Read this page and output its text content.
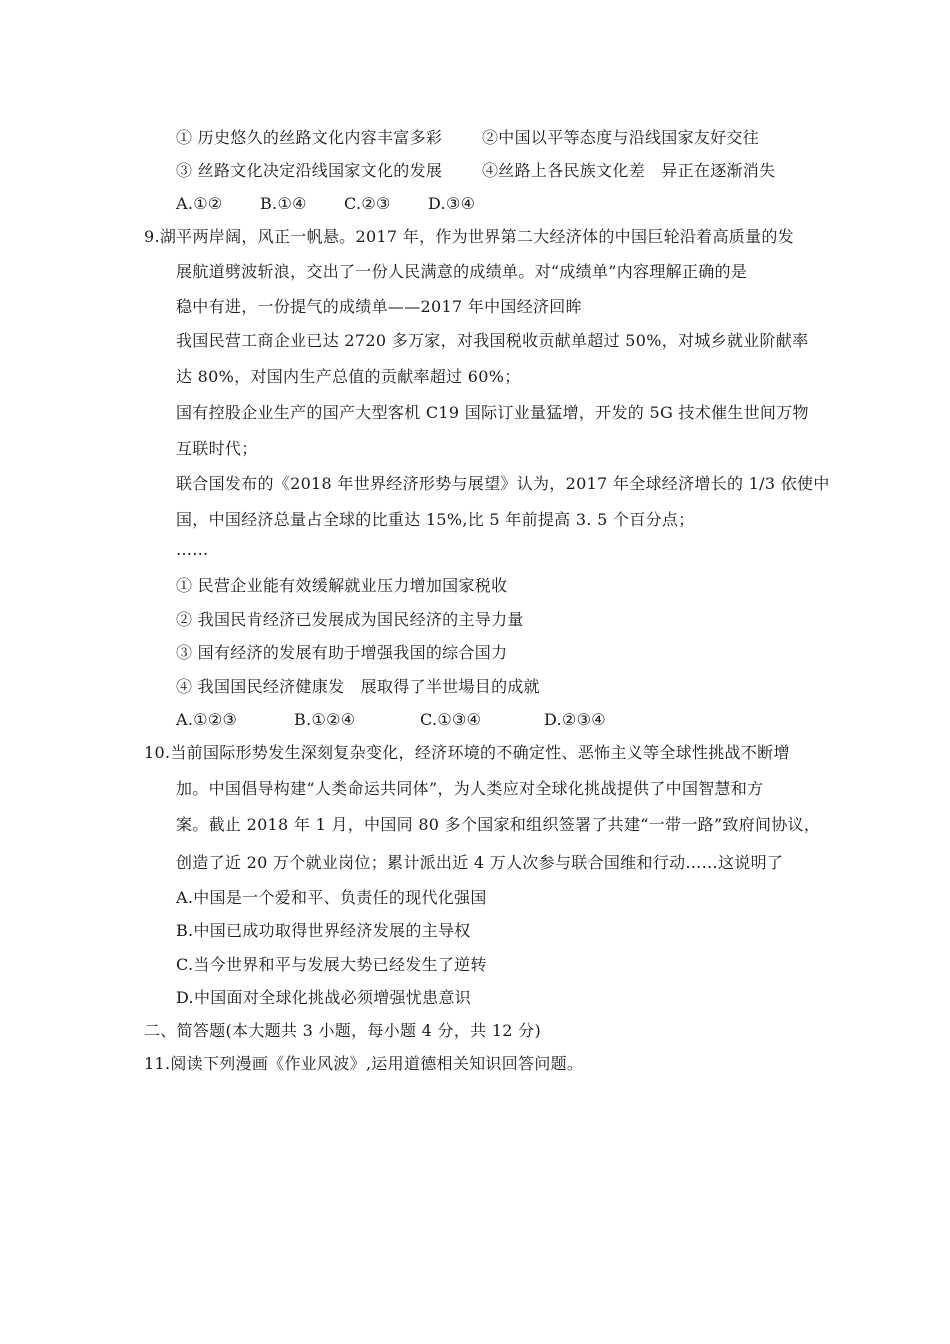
① 历史悠久的丝路文化内容丰富多彩 ②中国以平等态度与沿线国家友好交往
③ 丝路文化决定沿线国家文化的发展 ④丝路上各民族文化差　异正在逐渐消失
A.①② B.①④ C.②③ D.③④
9.湖平两岸阔，风正一帆悬。2017 年，作为世界第二大经济体的中国巨轮沿着高质量的发
展航道劈波斩浪，交出了一份人民满意的成绩单。对“成绩单”内容理解正确的是
稳中有进，一份提气的成绩单——2017 年中国经济回眸
我国民营工商企业已达 2720 多万家，对我国税收贡献单超过 50%，对城乡就业阶献率
达 80%，对国内生产总值的贡献率超过 60%；
国有控股企业生产的国产大型客机 C19 国际订业量猛增，开发的 5G 技术催生世间万物
互联时代；
联合国发布的《2018 年世界经济形势与展望》认为，2017 年全球经济增长的 1/3 依使中
国，中国经济总量占全球的比重达 15%,比 5 年前提高 3. 5 个百分点；
……
① 民营企业能有效缓解就业压力增加国家税收
② 我国民肯经济已发展成为国民经济的主导力量
③ 国有经济的发展有助于增强我国的综合国力
④ 我国国民经济健康发　展取得了半世場目的成就
A.①②③	B.①②④	C.①③④	D.②③④
10.当前国际形势发生深刻复杂变化，经济环境的不确定性、恶怖主义等全球性挑战不断增
加。中国倡导构建“人类命运共同体”，为人类应对全球化挑战提供了中国智慧和方
案。截止 2018 年 1 月，中国同 80 多个国家和组织签署了共建“一带一路”致府间协议，
创造了近 20 万个就业岗位；累计派出近 4 万人次参与联合国维和行动……这说明了
A.中国是一个爱和平、负责任的现代化强国
B.中国已成功取得世界经济发展的主导权
C.当今世界和平与发展大势已经发生了逆转
D.中国面对全球化挑战必须增强忧患意识
二、简答题(本大题共 3 小题，每小题 4 分，共 12 分)
11.阅读下列漫画《作业风波》,运用道德相关知识回答问题。
